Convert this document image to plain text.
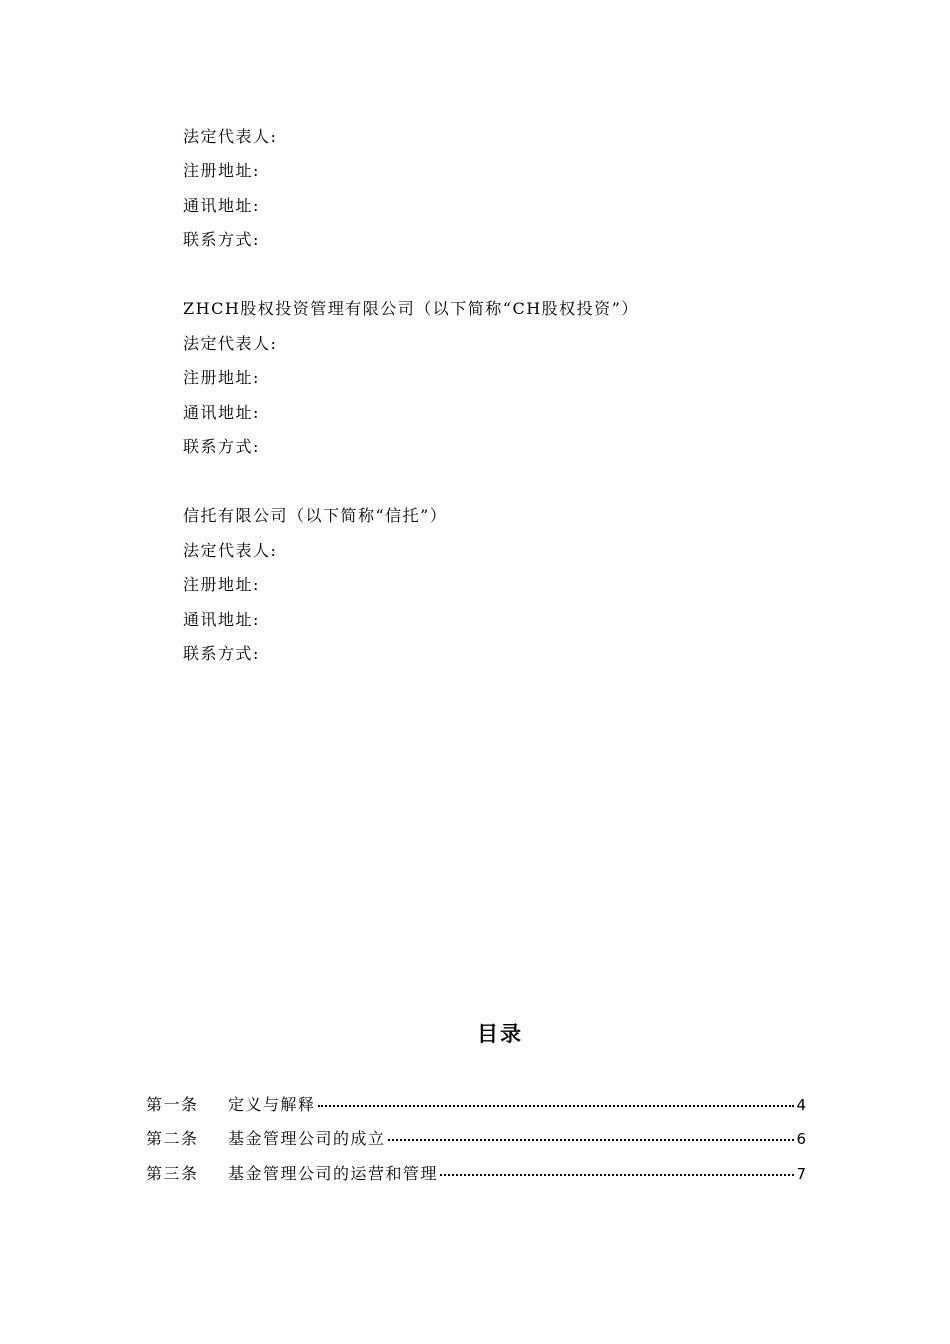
法定代表人:
注册地址:
通讯地址:
联系方式:
ZHCH股权投资管理有限公司（以下简称“CH股权投资”）
法定代表人:
注册地址:
通讯地址:
联系方式:
信托有限公司（以下简称“信托”）
法定代表人:
注册地址:
通讯地址:
联系方式:
目录
第一条	定义与解释	4
第二条	基金管理公司的成立	6
第三条	基金管理公司的运营和管理	7
